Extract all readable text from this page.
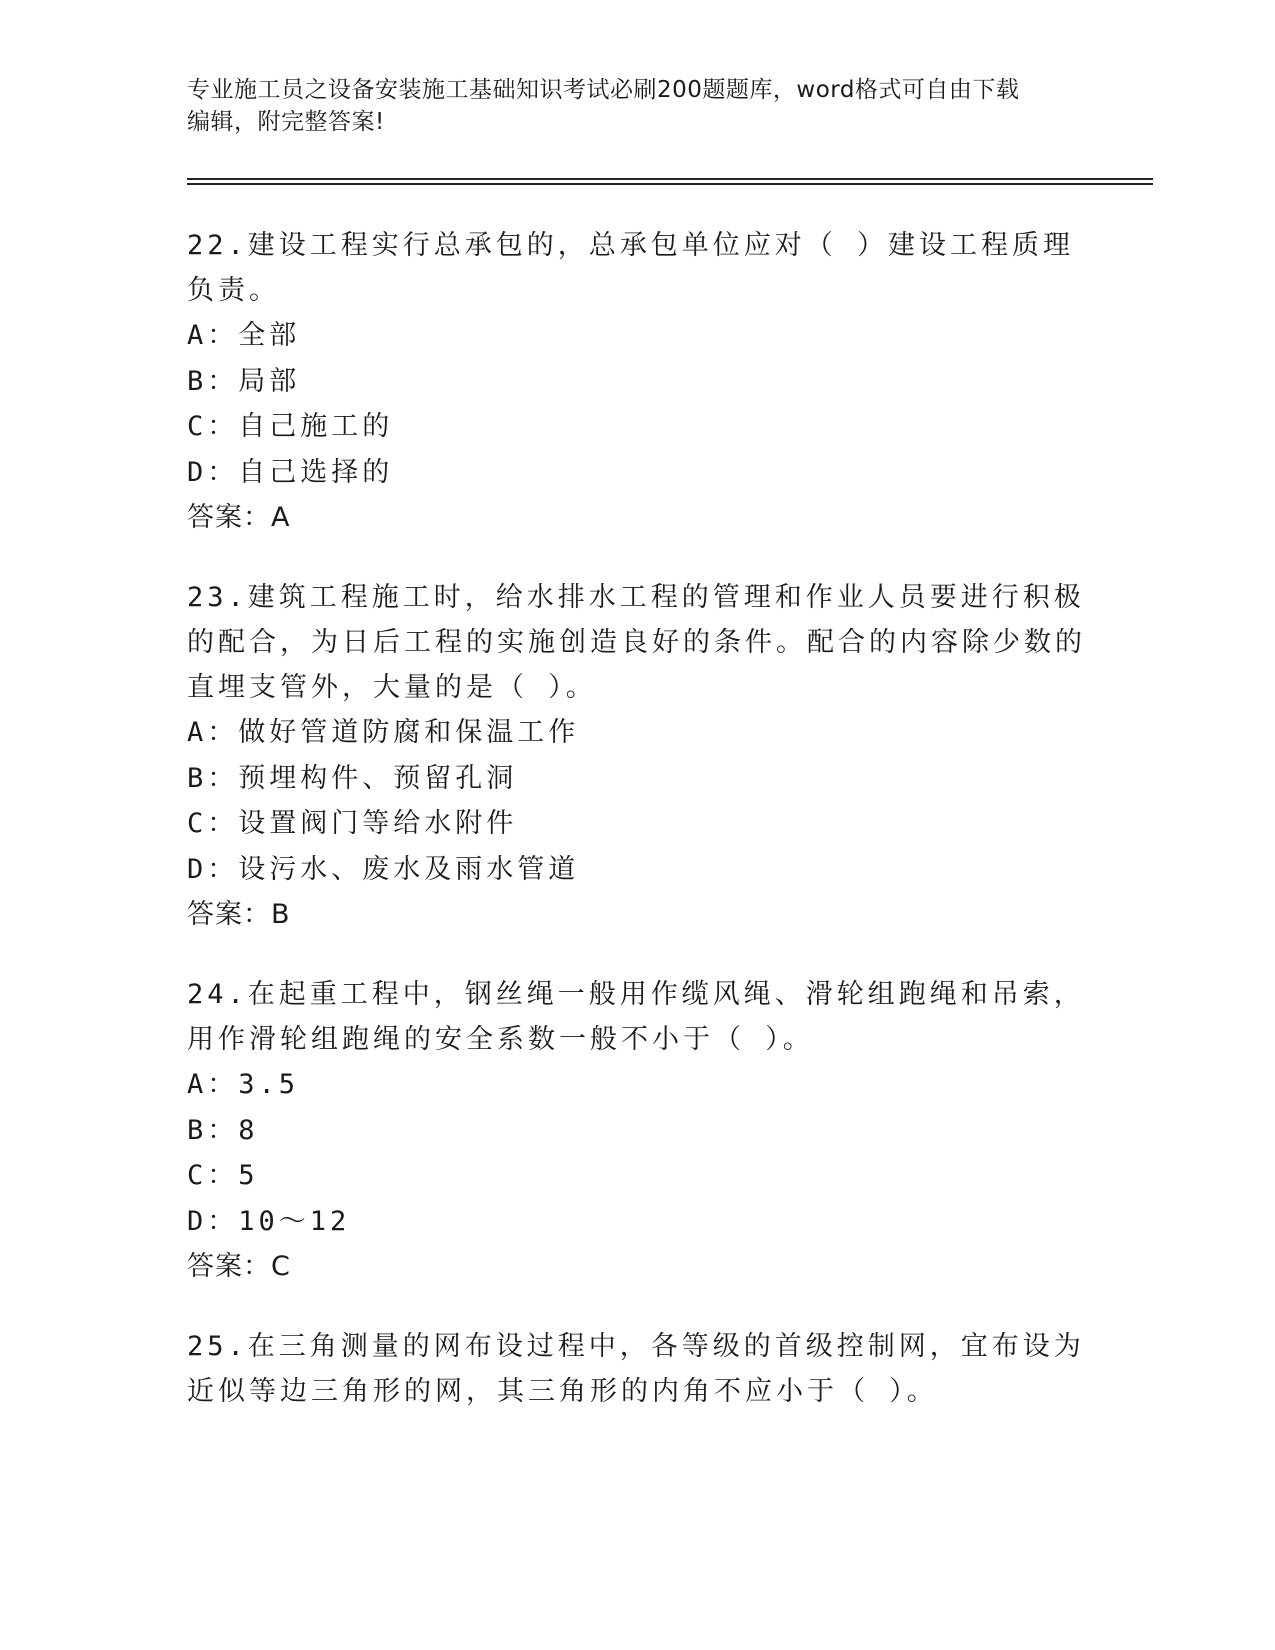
专业施工员之设备安装施工基础知识考试必刷200题题库，word格式可自由下载
编辑，附完整答案!

22.建设工程实行总承包的，总承包单位应对（ ）建设工程质理负责。

A： 全部

B： 局部

C： 自己施工的

D： 自己选择的

答案：A

23.建筑工程施工时，给水排水工程的管理和作业人员要进行积极的配合，为日后工程的实施创造良好的条件。配合的内容除少数的直埋支管外，大量的是（ ）。

A： 做好管道防腐和保温工作

B： 预埋构件、预留孔洞

C： 设置阀门等给水附件

D： 设污水、废水及雨水管道

答案：B

24.在起重工程中，钢丝绳一般用作缆风绳、滑轮组跑绳和吊索，用作滑轮组跑绳的安全系数一般不小于（ ）。

A： 3.5

B： 8

C： 5

D： 10～12

答案：C

25.在三角测量的网布设过程中，各等级的首级控制网，宜布设为近似等边三角形的网，其三角形的内角不应小于（ ）。
